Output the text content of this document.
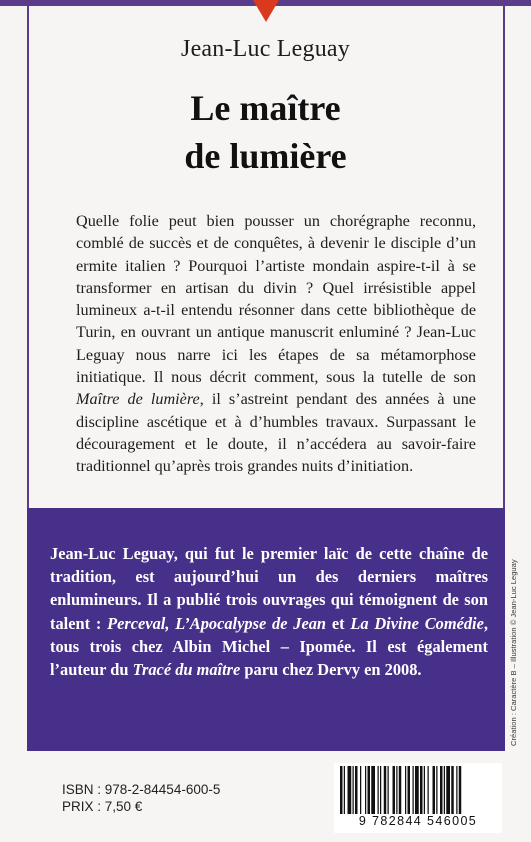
Jean-Luc Leguay
Le maître
de lumière

Quelle folie peut bien pousser un chorégraphe reconnu, comblé de succès et de conquêtes, à devenir le disciple d’un ermite italien ? Pourquoi l’artiste mondain aspire-t-il à se transformer en artisan du divin ? Quel irrésistible appel lumineux a-t-il entendu résonner dans cette bibliothèque de Turin, en ouvrant un antique manuscrit enluminé ? Jean-Luc Leguay nous narre ici les étapes de sa métamorphose initiatique. Il nous décrit comment, sous la tutelle de son Maître de lumière, il s’astreint pendant des années à une discipline ascétique et à d’humbles travaux. Surpassant le découragement et le doute, il n’accédera au savoir-faire traditionnel qu’après trois grandes nuits d’initiation.

Jean-Luc Leguay, qui fut le premier laïc de cette chaîne de tradition, est aujourd’hui un des derniers maîtres enlumineurs. Il a publié trois ouvrages qui témoignent de son talent : Perceval, L’Apocalypse de Jean et La Divine Comédie, tous trois chez Albin Michel – Ipomée. Il est également l’auteur du Tracé du maître paru chez Dervy en 2008.	Création : Caractère B – Illustration © Jean-Luc Leguay
ISBN : 978-2-84454-600-5
PRIX : 7,50 €
9 782844 546005
